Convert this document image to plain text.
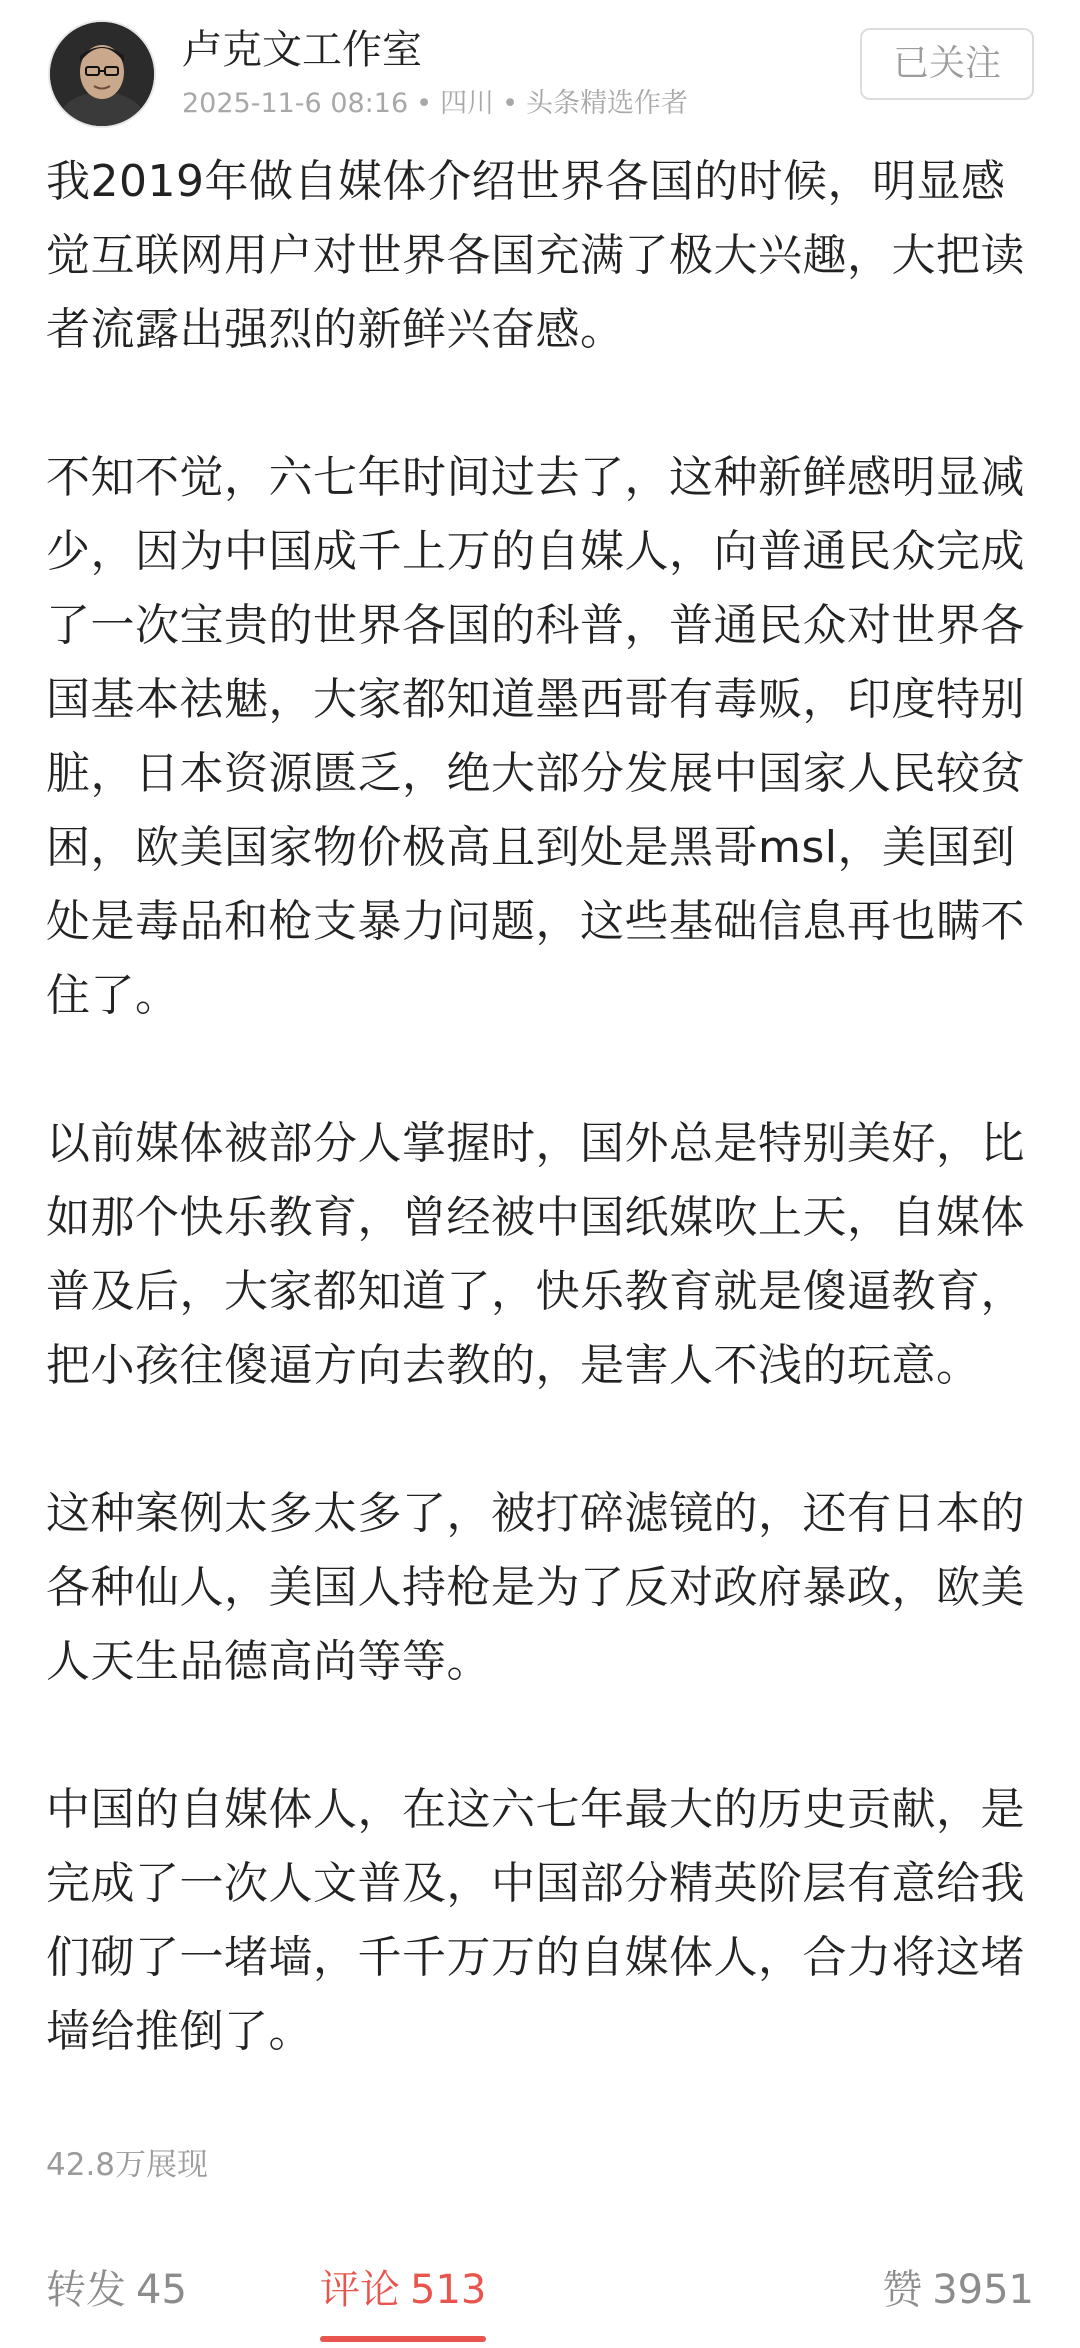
卢克文工作室
2025-11-6 08:16 • 四川 • 头条精选作者
已关注

我2019年做自媒体介绍世界各国的时候，明显感觉互联网用户对世界各国充满了极大兴趣，大把读者流露出强烈的新鲜兴奋感。

不知不觉，六七年时间过去了，这种新鲜感明显减少，因为中国成千上万的自媒人，向普通民众完成了一次宝贵的世界各国的科普，普通民众对世界各国基本祛魅，大家都知道墨西哥有毒贩，印度特别脏，日本资源匮乏，绝大部分发展中国家人民较贫困，欧美国家物价极高且到处是黑哥msl，美国到处是毒品和枪支暴力问题，这些基础信息再也瞒不住了。

以前媒体被部分人掌握时，国外总是特别美好，比如那个快乐教育，曾经被中国纸媒吹上天，自媒体普及后，大家都知道了，快乐教育就是傻逼教育，把小孩往傻逼方向去教的，是害人不浅的玩意。

这种案例太多太多了，被打碎滤镜的，还有日本的各种仙人，美国人持枪是为了反对政府暴政，欧美人天生品德高尚等等。

中国的自媒体人，在这六七年最大的历史贡献，是完成了一次人文普及，中国部分精英阶层有意给我们砌了一堵墙，千千万万的自媒体人，合力将这堵墙给推倒了。

42.8万展现
转发 45	评论 513	赞 3951
